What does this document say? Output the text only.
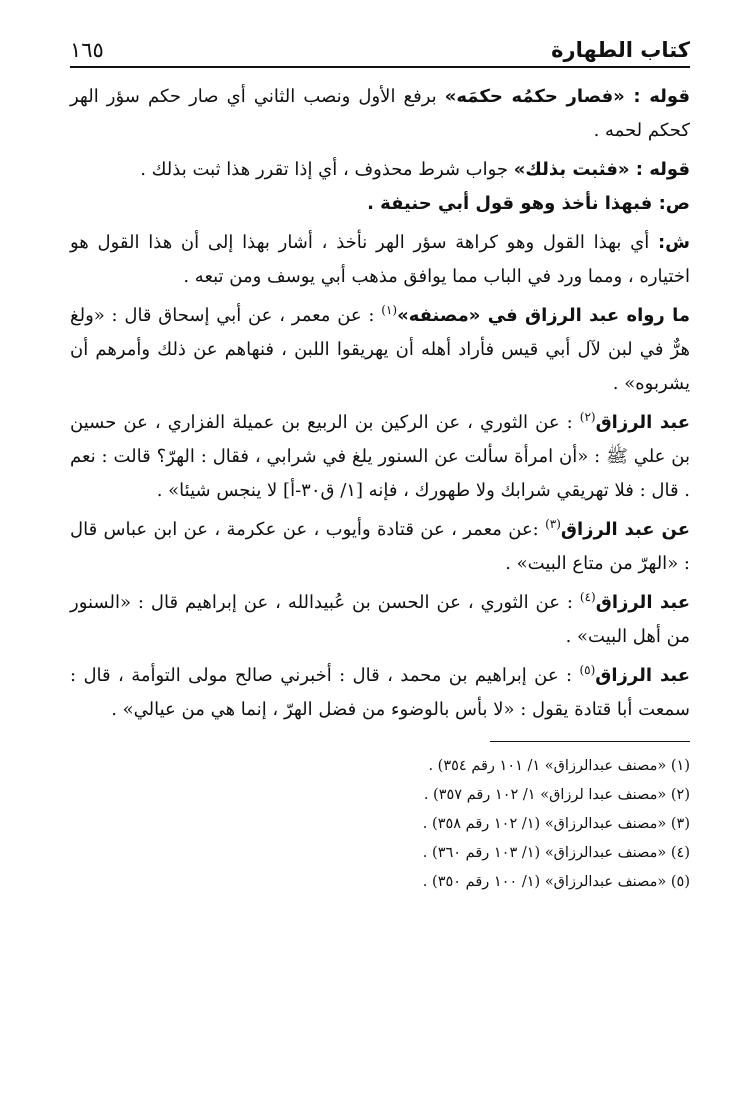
كتاب الطهارة
١٦٥

قوله : «فصار حكمُه حكمَه» برفع الأول ونصب الثاني أي صار حكم سؤر الهر كحكم لحمه .

قوله : «فثبت بذلك» جواب شرط محذوف ، أي إذا تقرر هذا ثبت بذلك .

ص: فبهذا نأخذ وهو قول أبي حنيفة .

ش: أي بهذا القول وهو كراهة سؤر الهر نأخذ ، أشار بهذا إلى أن هذا القول هو اختياره ، ومما ورد في الباب مما يوافق مذهب أبي يوسف ومن تبعه .

ما رواه عبد الرزاق في «مصنفه»$^{(١)}$ : عن معمر ، عن أبي إسحاق قال : «ولغ هرٌّ في لبن لآل أبي قيس فأراد أهله أن يهريقوا اللبن ، فنهاهم عن ذلك وأمرهم أن يشربوه» .

عبد الرزاق$^{(٢)}$ : عن الثوري ، عن الركين بن الربيع بن عميلة الفزاري ، عن حسين بن علي ﷺ : «أن امرأة سألت عن السنور يلغ في شرابي ، فقال : الهرّ؟ قالت : نعم . قال : فلا تهريقي شرابك ولا طهورك ، فإنه [١/ ق٣٠-أ] لا ينجس شيئا» .

عن عبد الرزاق$^{(٣)}$ :عن معمر ، عن قتادة وأيوب ، عن عكرمة ، عن ابن عباس قال : «الهرّ من متاع البيت» .

عبد الرزاق$^{(٤)}$ : عن الثوري ، عن الحسن بن عُبيدالله ، عن إبراهيم قال : «السنور من أهل البيت» .

عبد الرزاق$^{(٥)}$ : عن إبراهيم بن محمد ، قال : أخبرني صالح مولى التوأمة ، قال : سمعت أبا قتادة يقول : «لا بأس بالوضوء من فضل الهرّ ، إنما هي من عيالي» .

(١) «مصنف عبدالرزاق» ١/ ١٠١ رقم ٣٥٤) .

(٢) «مصنف عبدا لرزاق» ١/ ١٠٢ رقم ٣٥٧) .

(٣) «مصنف عبدالرزاق» (١/ ١٠٢ رقم ٣٥٨) .

(٤) «مصنف عبدالرزاق» (١/ ١٠٣ رقم ٣٦٠) .

(٥) «مصنف عبدالرزاق» (١/ ١٠٠ رقم ٣٥٠) .
